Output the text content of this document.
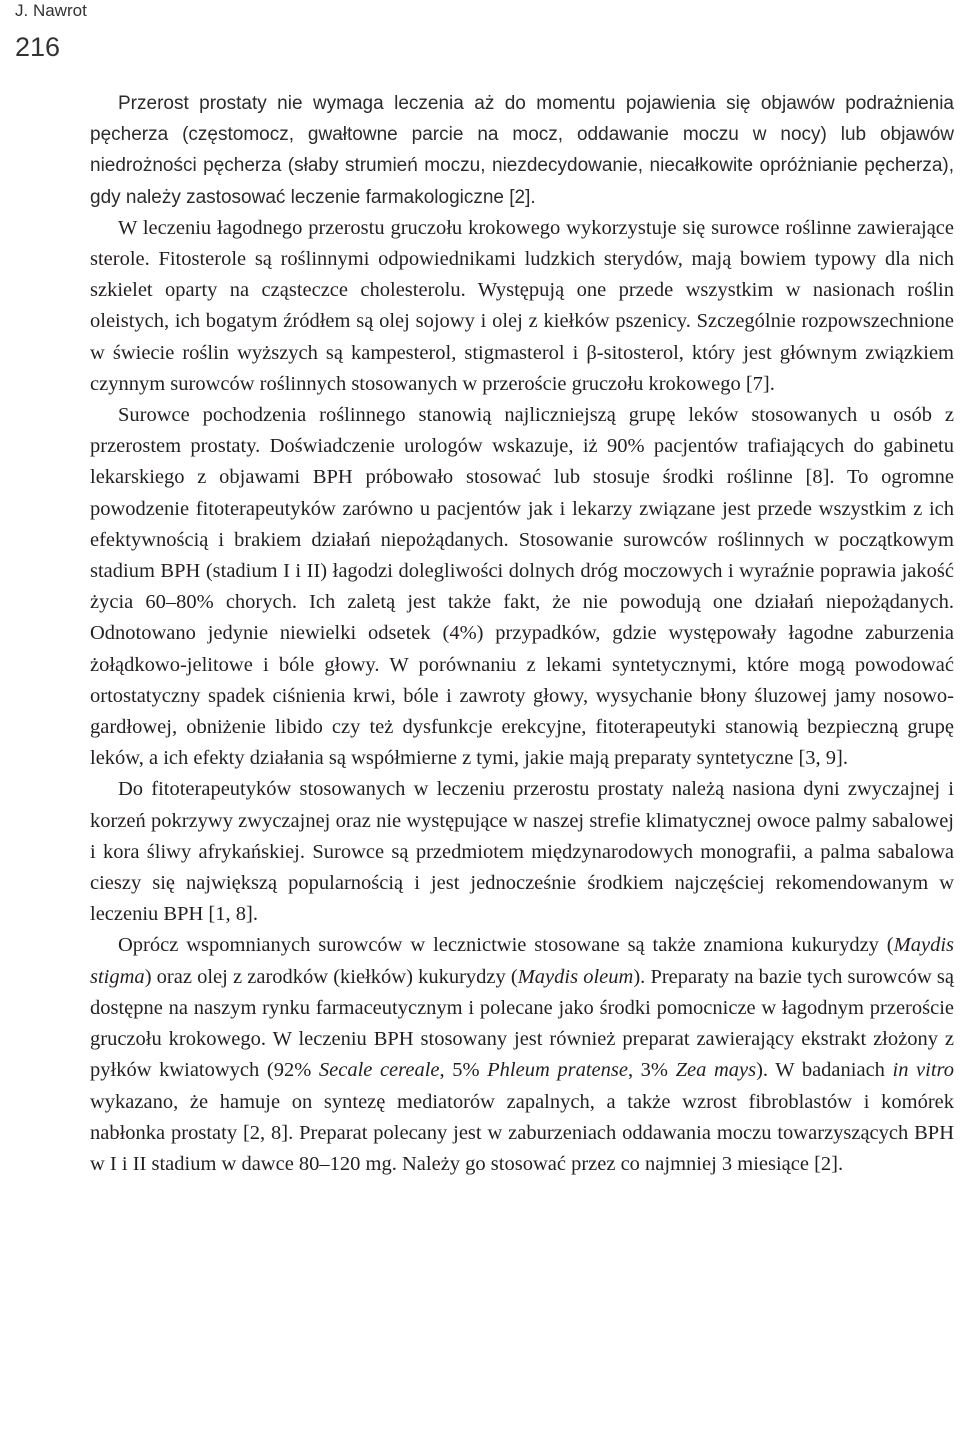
J. Nawrot
216

Przerost prostaty nie wymaga leczenia aż do momentu pojawienia się objawów podrażnienia pęcherza (częstomocz, gwałtowne parcie na mocz, oddawanie moczu w nocy) lub objawów niedrożności pęcherza (słaby strumień moczu, niezdecydowanie, niecałkowite opróżnianie pęcherza), gdy należy zastosować leczenie farmakologiczne [2].

W leczeniu łagodnego przerostu gruczołu krokowego wykorzystuje się surowce roślinne zawierające sterole. Fitosterole są roślinnymi odpowiednikami ludzkich sterydów, mają bowiem typowy dla nich szkielet oparty na cząsteczce cholesterolu. Występują one przede wszystkim w nasionach roślin oleistych, ich bogatym źródłem są olej sojowy i olej z kiełków pszenicy. Szczególnie rozpowszechnione w świecie roślin wyższych są kampesterol, stigmasterol i β-sitosterol, który jest głównym związkiem czynnym surowców roślinnych stosowanych w przeroście gruczołu krokowego [7].

Surowce pochodzenia roślinnego stanowią najliczniejszą grupę leków stosowanych u osób z przerostem prostaty. Doświadczenie urologów wskazuje, iż 90% pacjentów trafiających do gabinetu lekarskiego z objawami BPH próbowało stosować lub stosuje środki roślinne [8]. To ogromne powodzenie fitoterapeutyków zarówno u pacjentów jak i lekarzy związane jest przede wszystkim z ich efektywnością i brakiem działań niepożądanych. Stosowanie surowców roślinnych w początkowym stadium BPH (stadium I i II) łagodzi dolegliwości dolnych dróg moczowych i wyraźnie poprawia jakość życia 60–80% chorych. Ich zaletą jest także fakt, że nie powodują one działań niepożądanych. Odnotowano jedynie niewielki odsetek (4%) przypadków, gdzie występowały łagodne zaburzenia żołądkowo-jelitowe i bóle głowy. W porównaniu z lekami syntetycznymi, które mogą powodować ortostatyczny spadek ciśnienia krwi, bóle i zawroty głowy, wysychanie błony śluzowej jamy nosowo-gardłowej, obniżenie libido czy też dysfunkcje erekcyjne, fitoterapeutyki stanowią bezpieczną grupę leków, a ich efekty działania są współmierne z tymi, jakie mają preparaty syntetyczne [3, 9].

Do fitoterapeutyków stosowanych w leczeniu przerostu prostaty należą nasiona dyni zwyczajnej i korzeń pokrzywy zwyczajnej oraz nie występujące w naszej strefie klimatycznej owoce palmy sabalowej i kora śliwy afrykańskiej. Surowce są przedmiotem międzynarodowych monografii, a palma sabalowa cieszy się największą popularnością i jest jednocześnie środkiem najczęściej rekomendowanym w leczeniu BPH [1, 8].

Oprócz wspomnianych surowców w lecznictwie stosowane są także znamiona kukurydzy (Maydis stigma) oraz olej z zarodków (kiełków) kukurydzy (Maydis oleum). Preparaty na bazie tych surowców są dostępne na naszym rynku farmaceutycznym i polecane jako środki pomocnicze w łagodnym przeroście gruczołu krokowego. W leczeniu BPH stosowany jest również preparat zawierający ekstrakt złożony z pyłków kwiatowych (92% Secale cereale, 5% Phleum pratense, 3% Zea mays). W badaniach in vitro wykazano, że hamuje on syntezę mediatorów zapalnych, a także wzrost fibroblastów i komórek nabłonka prostaty [2, 8]. Preparat polecany jest w zaburzeniach oddawania moczu towarzyszących BPH w I i II stadium w dawce 80–120 mg. Należy go stosować przez co najmniej 3 miesiące [2].
